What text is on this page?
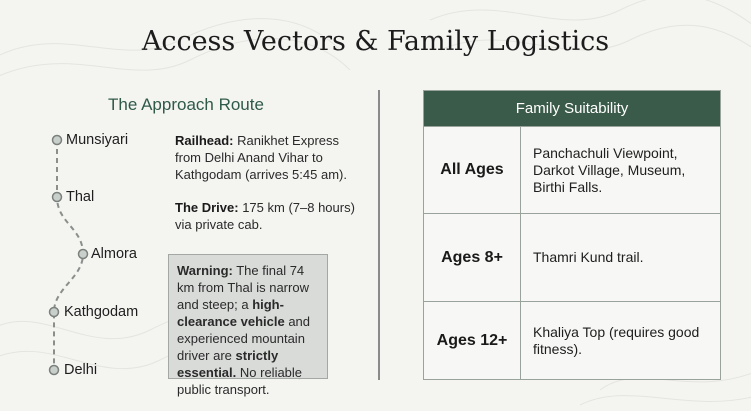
Access Vectors & Family Logistics
The Approach Route
Munsiyari
Thal
Almora
Kathgodam
Delhi
Railhead: Ranikhet Express from Delhi Anand Vihar to Kathgodam (arrives 5:45 am).
The Drive: 175 km (7–8 hours) via private cab.
Warning: The final 74 km from Thal is narrow and steep; a high-clearance vehicle and experienced mountain driver are strictly essential. No reliable public transport.
Family Suitability
All Ages
Panchachuli Viewpoint, Darkot Village, Museum, Birthi Falls.
Ages 8+	Thamri Kund trail.
Ages 12+	Khaliya Top (requires good fitness).
